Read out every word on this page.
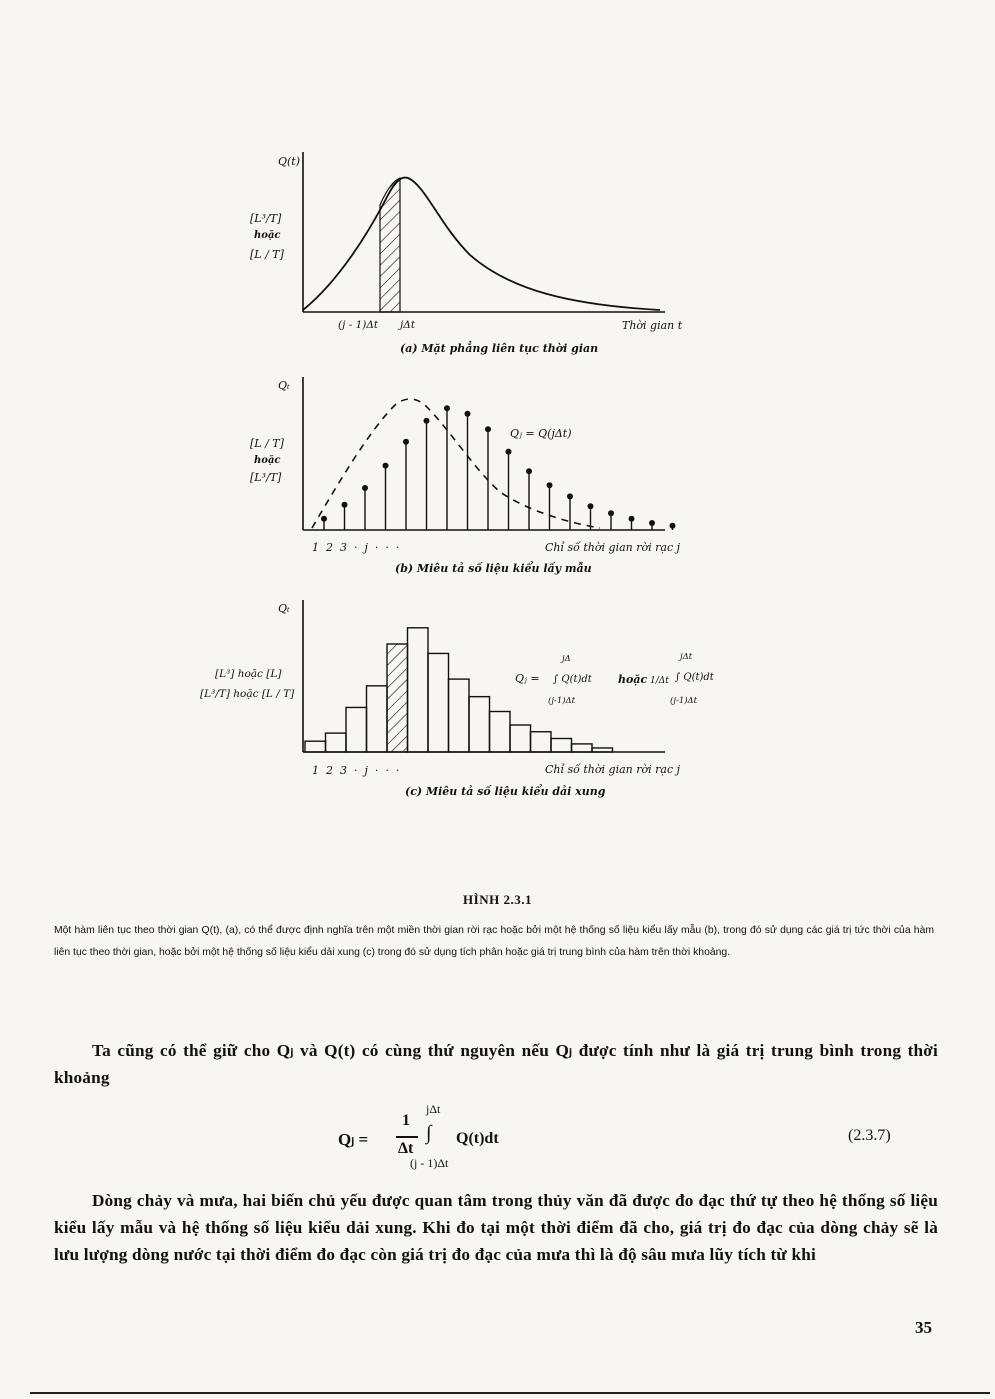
Q(t)
[L³/T]
hoặc
[L / T]
(j - 1)Δt jΔt	Thời gian t
(a) Mặt phẳng liên tục thời gian
Qₜ
[L / T]
hoặc
[L³/T]
Qⱼ = Q(jΔt)
1  2  3  ·  j  ·  ·  ·	Chỉ số thời gian rời rạc j
(b) Miêu tả số liệu kiểu lấy mẫu
Qₜ
[L³] hoặc [L]
[L³/T] hoặc [L / T]
Qⱼ =
jΔ
∫ Q(t)dt
(j-1)Δt
hoặc 1/Δt
jΔt
∫ Q(t)dt
(j-1)Δt
1  2  3  ·  j  ·  ·  ·	Chỉ số thời gian rời rạc j
(c) Miêu tả số liệu kiểu dải xung
HÌNH 2.3.1
Một hàm liên tục theo thời gian Q(t), (a), có thể được định nghĩa trên một miền thời gian rời rạc hoặc bởi một hệ thống số liệu kiểu lấy mẫu (b), trong đó sử dụng các giá trị tức thời của hàm liên tục theo thời gian, hoặc bởi một hệ thống số liệu kiểu dải xung (c) trong đó sử dụng tích phân hoặc giá trị trung bình của hàm trên thời khoảng.
Ta cũng có thể giữ cho Qⱼ và Q(t) có cùng thứ nguyên nếu Qⱼ được tính như là giá trị trung bình trong thời khoảng
Qⱼ =
1
Δt
jΔt
∫ Q(t)dt
(j - 1)Δt
(2.3.7)
Dòng chảy và mưa, hai biến chủ yếu được quan tâm trong thủy văn đã được đo đạc thứ tự theo hệ thống số liệu kiểu lấy mẫu và hệ thống số liệu kiểu dải xung. Khi đo tại một thời điểm đã cho, giá trị đo đạc của dòng chảy sẽ là lưu lượng dòng nước tại thời điểm đo đạc còn giá trị đo đạc của mưa thì là độ sâu mưa lũy tích từ khi
35
